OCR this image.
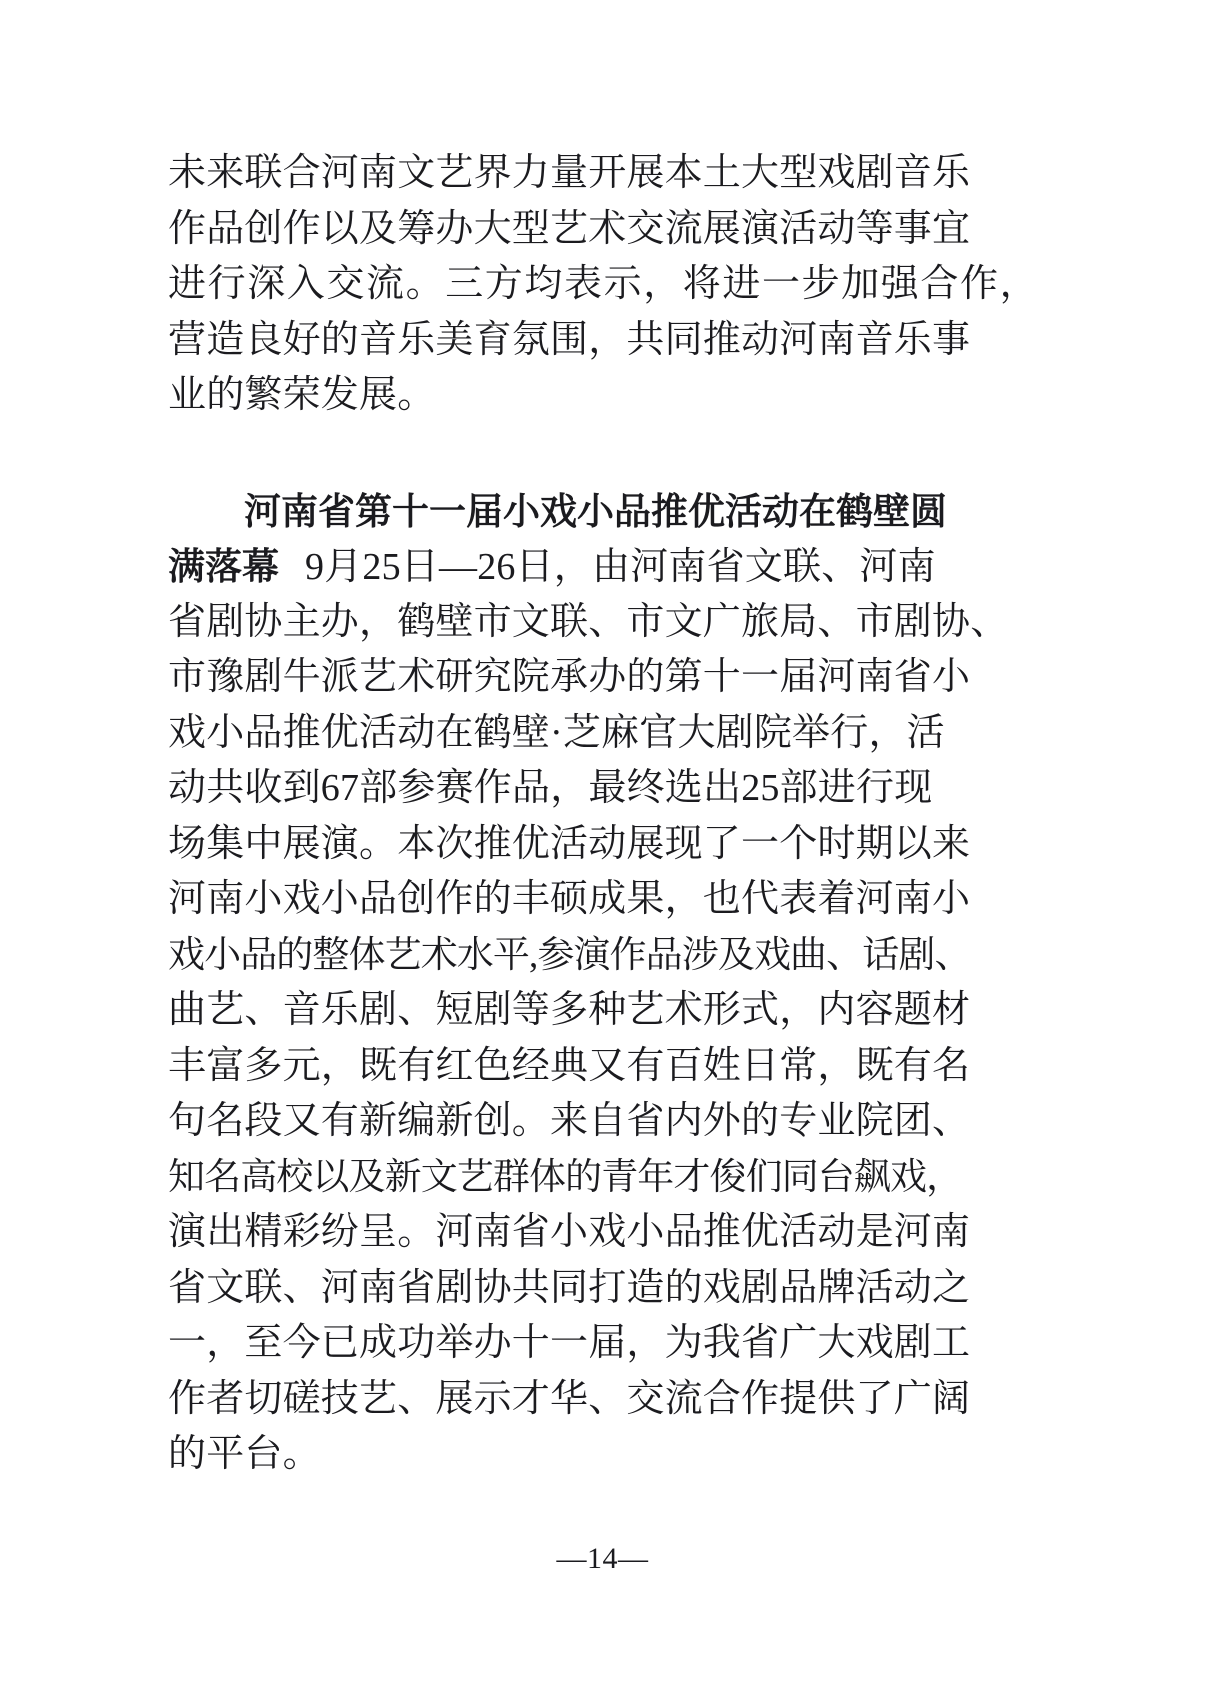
未来联合河南文艺界力量开展本土大型戏剧音乐
作品创作以及筹办大型艺术交流展演活动等事宜
进行深入交流。三方均表示，将进一步加强合作，
营造良好的音乐美育氛围，共同推动河南音乐事
业的繁荣发展。
河南省第十一届小戏小品推优活动在鹤壁圆
满落幕 9月25日—26日，由河南省文联、河南
省剧协主办，鹤壁市文联、市文广旅局、市剧协、
市豫剧牛派艺术研究院承办的第十一届河南省小
戏小品推优活动在鹤壁·芝麻官大剧院举行，活
动共收到67部参赛作品，最终选出25部进行现
场集中展演。本次推优活动展现了一个时期以来
河南小戏小品创作的丰硕成果，也代表着河南小
戏小品的整体艺术水平,参演作品涉及戏曲、话剧、
曲艺、音乐剧、短剧等多种艺术形式，内容题材
丰富多元，既有红色经典又有百姓日常，既有名
句名段又有新编新创。来自省内外的专业院团、
知名高校以及新文艺群体的青年才俊们同台飙戏，
演出精彩纷呈。河南省小戏小品推优活动是河南
省文联、河南省剧协共同打造的戏剧品牌活动之
一，至今已成功举办十一届，为我省广大戏剧工
作者切磋技艺、展示才华、交流合作提供了广阔
的平台。
—14—
